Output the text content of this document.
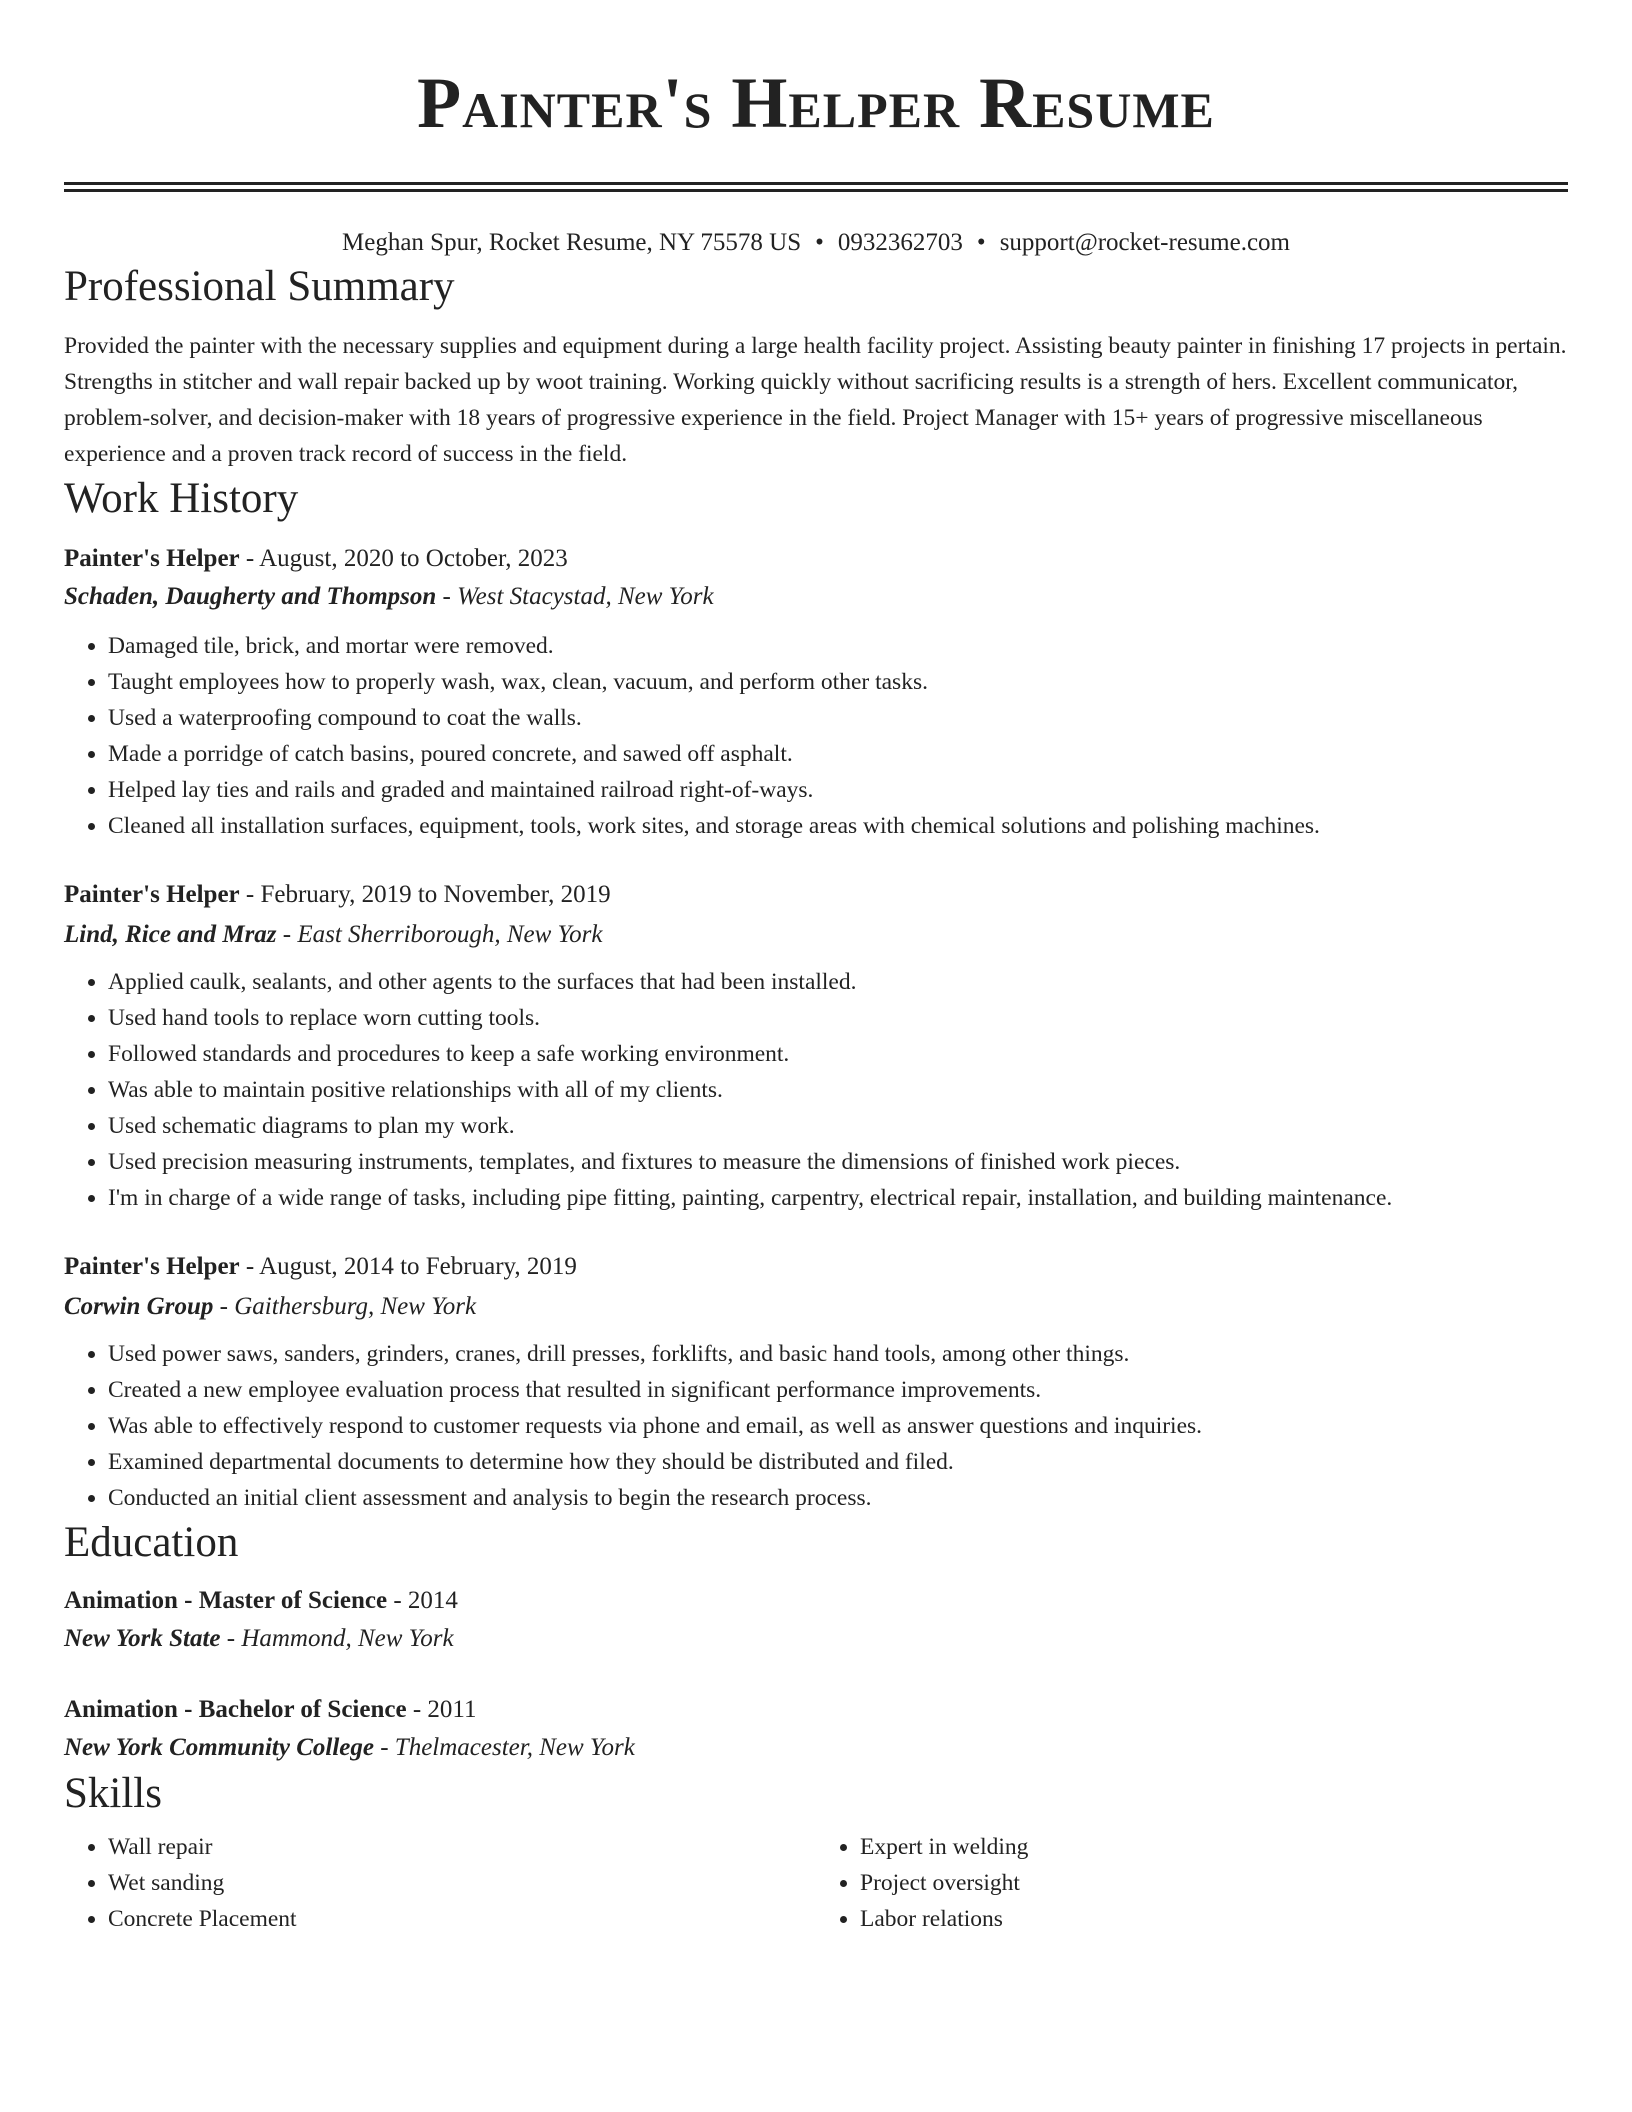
Painter's Helper Resume
Meghan Spur, Rocket Resume, NY 75578 US • 0932362703 • support@rocket-resume.com
Professional Summary

Provided the painter with the necessary supplies and equipment during a large health facility project. Assisting beauty painter in finishing 17 projects in pertain. Strengths in stitcher and wall repair backed up by woot training. Working quickly without sacrificing results is a strength of hers. Excellent communicator, problem-solver, and decision-maker with 18 years of progressive experience in the field. Project Manager with 15+ years of progressive miscellaneous experience and a proven track record of success in the field.

Work History
Painter's Helper - August, 2020 to October, 2023
Schaden, Daugherty and Thompson - West Stacystad, New York
• Damaged tile, brick, and mortar were removed.
• Taught employees how to properly wash, wax, clean, vacuum, and perform other tasks.
• Used a waterproofing compound to coat the walls.
• Made a porridge of catch basins, poured concrete, and sawed off asphalt.
• Helped lay ties and rails and graded and maintained railroad right-of-ways.
• Cleaned all installation surfaces, equipment, tools, work sites, and storage areas with chemical solutions and polishing machines.
Painter's Helper - February, 2019 to November, 2019
Lind, Rice and Mraz - East Sherriborough, New York
• Applied caulk, sealants, and other agents to the surfaces that had been installed.
• Used hand tools to replace worn cutting tools.
• Followed standards and procedures to keep a safe working environment.
• Was able to maintain positive relationships with all of my clients.
• Used schematic diagrams to plan my work.
• Used precision measuring instruments, templates, and fixtures to measure the dimensions of finished work pieces.
• I'm in charge of a wide range of tasks, including pipe fitting, painting, carpentry, electrical repair, installation, and building maintenance.
Painter's Helper - August, 2014 to February, 2019
Corwin Group - Gaithersburg, New York
• Used power saws, sanders, grinders, cranes, drill presses, forklifts, and basic hand tools, among other things.
• Created a new employee evaluation process that resulted in significant performance improvements.
• Was able to effectively respond to customer requests via phone and email, as well as answer questions and inquiries.
• Examined departmental documents to determine how they should be distributed and filed.
• Conducted an initial client assessment and analysis to begin the research process.
Education
Animation - Master of Science - 2014
New York State - Hammond, New York
Animation - Bachelor of Science - 2011
New York Community College - Thelmacester, New York
Skills
• Wall repair
• Wet sanding
• Concrete Placement
• Expert in welding
• Project oversight
• Labor relations
